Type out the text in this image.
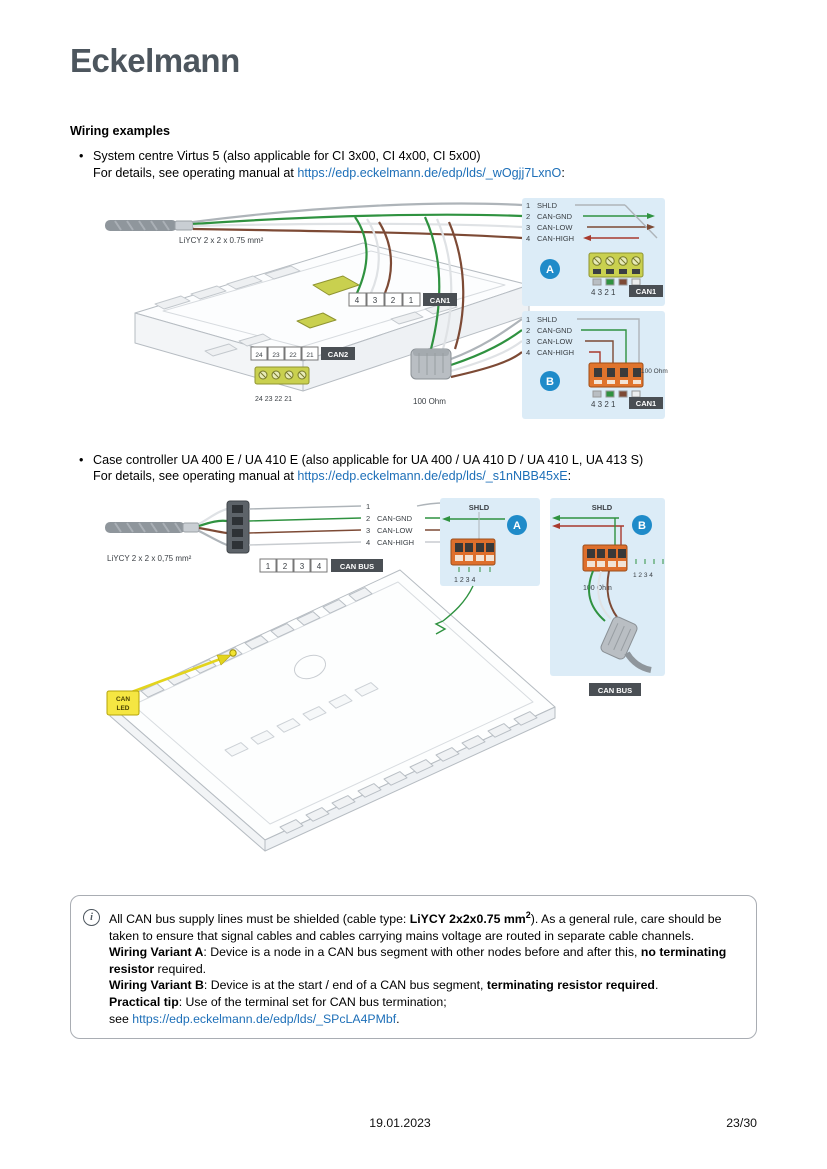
Eckelmann
Wiring examples
• System centre Virtus 5 (also applicable for CI 3x00, CI 4x00, CI 5x00)
For details, see operating manual at https://edp.eckelmann.de/edp/lds/_wOgjj7LxnO:
LiYCY 2 x 2 x 0.75 mm²
4 3 2 1 CAN1
24 23 22 21 CAN2
24 23 22 21	100 Ohm
1 SHLD
2 CAN-GND
3 CAN-LOW
4 CAN-HIGH
A
4 3 2 1	CAN1
1 SHLD
2 CAN-GND
3 CAN-LOW
4 CAN-HIGH
B
100 Ohm
4 3 2 1	CAN1
• Case controller UA 400 E / UA 410 E (also applicable for UA 400 / UA 410 D / UA 410 L, UA 413 S)
For details, see operating manual at https://edp.eckelmann.de/edp/lds/_s1nNBB45xE:
LiYCY 2 x 2 x 0,75 mm²
1
2 CAN-GND
3 CAN-LOW
4 CAN-HIGH
1 2 3 4 CAN BUS
SHLD
A
1 2 3 4
SHLD
B
1 2 3 4
100 Ohm
CAN BUS
CAN
LED
i	All CAN bus supply lines must be shielded (cable type: LiYCY 2x2x0.75 $mm^2$). As a general rule, care should be taken to ensure that signal cables and cables carrying mains voltage are routed in separate cable channels.

Wiring Variant A: Device is a node in a CAN bus segment with other nodes before and after this, no terminating resistor required.

Wiring Variant B: Device is at the start / end of a CAN bus segment, terminating resistor required.

Practical tip: Use of the terminal set for CAN bus termination;

see https://edp.eckelmann.de/edp/lds/_SPcLA4PMbf.

19.01.2023	23/30
